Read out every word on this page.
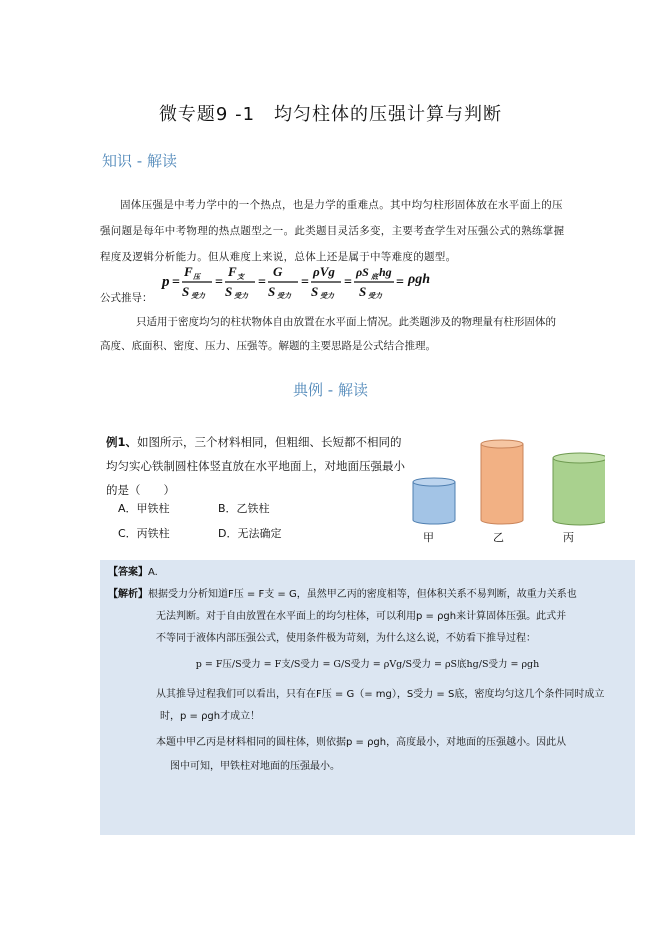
微专题9 -1　均匀柱体的压强计算与判断
知识 - 解读
固体压强是中考力学中的一个热点，也是力学的重难点。其中均匀柱形固体放在水平面上的压强问题是每年中考物理的热点题型之一。此类题目灵活多变，主要考查学生对压强公式的熟练掌握程度及逻辑分析能力。但从难度上来说，总体上还是属于中等难度的题型。
公式推导：
p =
F 压
S 受力
=
F 支
S 受力
=
G
S 受力
=
ρVg
S 受力
=
ρS 底 hg
S 受力
= ρgh
只适用于密度均匀的柱状物体自由放置在水平面上情况。此类题涉及的物理量有柱形固体的高度、底面积、密度、压力、压强等。解题的主要思路是公式结合推理。
典例 - 解读
例1、如图所示，三个材料相同，但粗细、长短都不相同的均匀实心铁制圆柱体竖直放在水平地面上，对地面压强最小的是（　　）
A．甲铁柱	B．乙铁柱
C．丙铁柱	D．无法确定	甲	乙	丙
【答案】A.
【解析】根据受力分析知道F压 = F支 = G，虽然甲乙丙的密度相等，但体积关系不易判断，故重力关系也
无法判断。对于自由放置在水平面上的均匀柱体，可以利用p = ρgh来计算固体压强。此式并
不等同于液体内部压强公式，使用条件极为苛刻，为什么这么说，不妨看下推导过程：
p = F压/S受力 = F支/S受力 = G/S受力 = ρVg/S受力 = ρS底hg/S受力 = ρgh
从其推导过程我们可以看出，只有在F压 = G（= mg），S受力 = S底，密度均匀这几个条件同时成立
时，p = ρgh才成立！
本题中甲乙丙是材料相同的圆柱体，则依据p = ρgh，高度最小，对地面的压强越小。因此从
图中可知，甲铁柱对地面的压强最小。
